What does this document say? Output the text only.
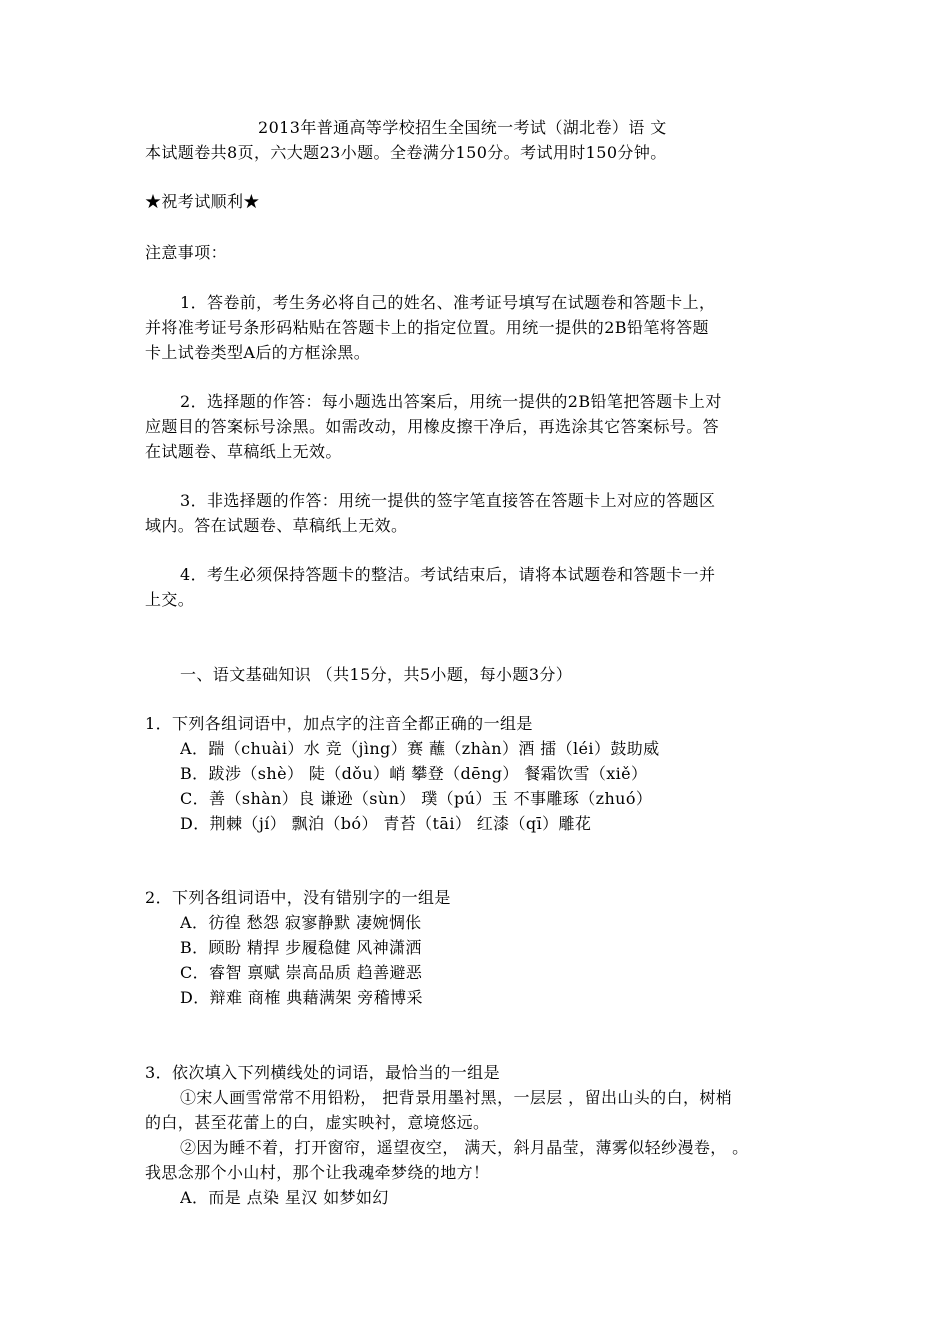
2013年普通高等学校招生全国统一考试（湖北卷）语 文
本试题卷共8页，六大题23小题。全卷满分150分。考试用时150分钟。
★祝考试顺利★
注意事项：
1．答卷前，考生务必将自己的姓名、准考证号填写在试题卷和答题卡上，
并将准考证号条形码粘贴在答题卡上的指定位置。用统一提供的2B铅笔将答题
卡上试卷类型A后的方框涂黑。
2．选择题的作答：每小题选出答案后，用统一提供的2B铅笔把答题卡上对
应题目的答案标号涂黑。如需改动，用橡皮擦干净后，再选涂其它答案标号。答
在试题卷、草稿纸上无效。
3．非选择题的作答：用统一提供的签字笔直接答在答题卡上对应的答题区
域内。答在试题卷、草稿纸上无效。
4．考生必须保持答题卡的整洁。考试结束后，请将本试题卷和答题卡一并
上交。
一、语文基础知识 （共15分，共5小题，每小题3分）
1．下列各组词语中，加点字的注音全都正确的一组是
A．踹（chuài）水 竞（jìng）赛 蘸（zhàn）酒 擂（léi）鼓助威
B．跋涉（shè） 陡（dǒu）峭 攀登（dēng） 餐霜饮雪（xiě）
C．善（shàn）良 谦逊（sùn） 璞（pú）玉 不事雕琢（zhuó）
D．荆棘（jí） 飘泊（bó） 青苔（tāi） 红漆（qī）雕花
2．下列各组词语中，没有错别字的一组是
A．彷徨 愁怨 寂寥静默 凄婉惆伥
B．顾盼 精捍 步履稳健 风神潇洒
C．睿智 禀赋 崇高品质 趋善避恶
D．辩难 商榷 典藉满架 旁稽博采
3．依次填入下列横线处的词语，最恰当的一组是
①宋人画雪常常不用铅粉， 把背景用墨衬黑，一层层 ，留出山头的白，树梢
的白，甚至花蕾上的白，虚实映衬，意境悠远。
②因为睡不着，打开窗帘，遥望夜空， 满天，斜月晶莹，薄雾似轻纱漫卷， 。
我思念那个小山村，那个让我魂牵梦绕的地方！
A．而是 点染 星汉 如梦如幻
